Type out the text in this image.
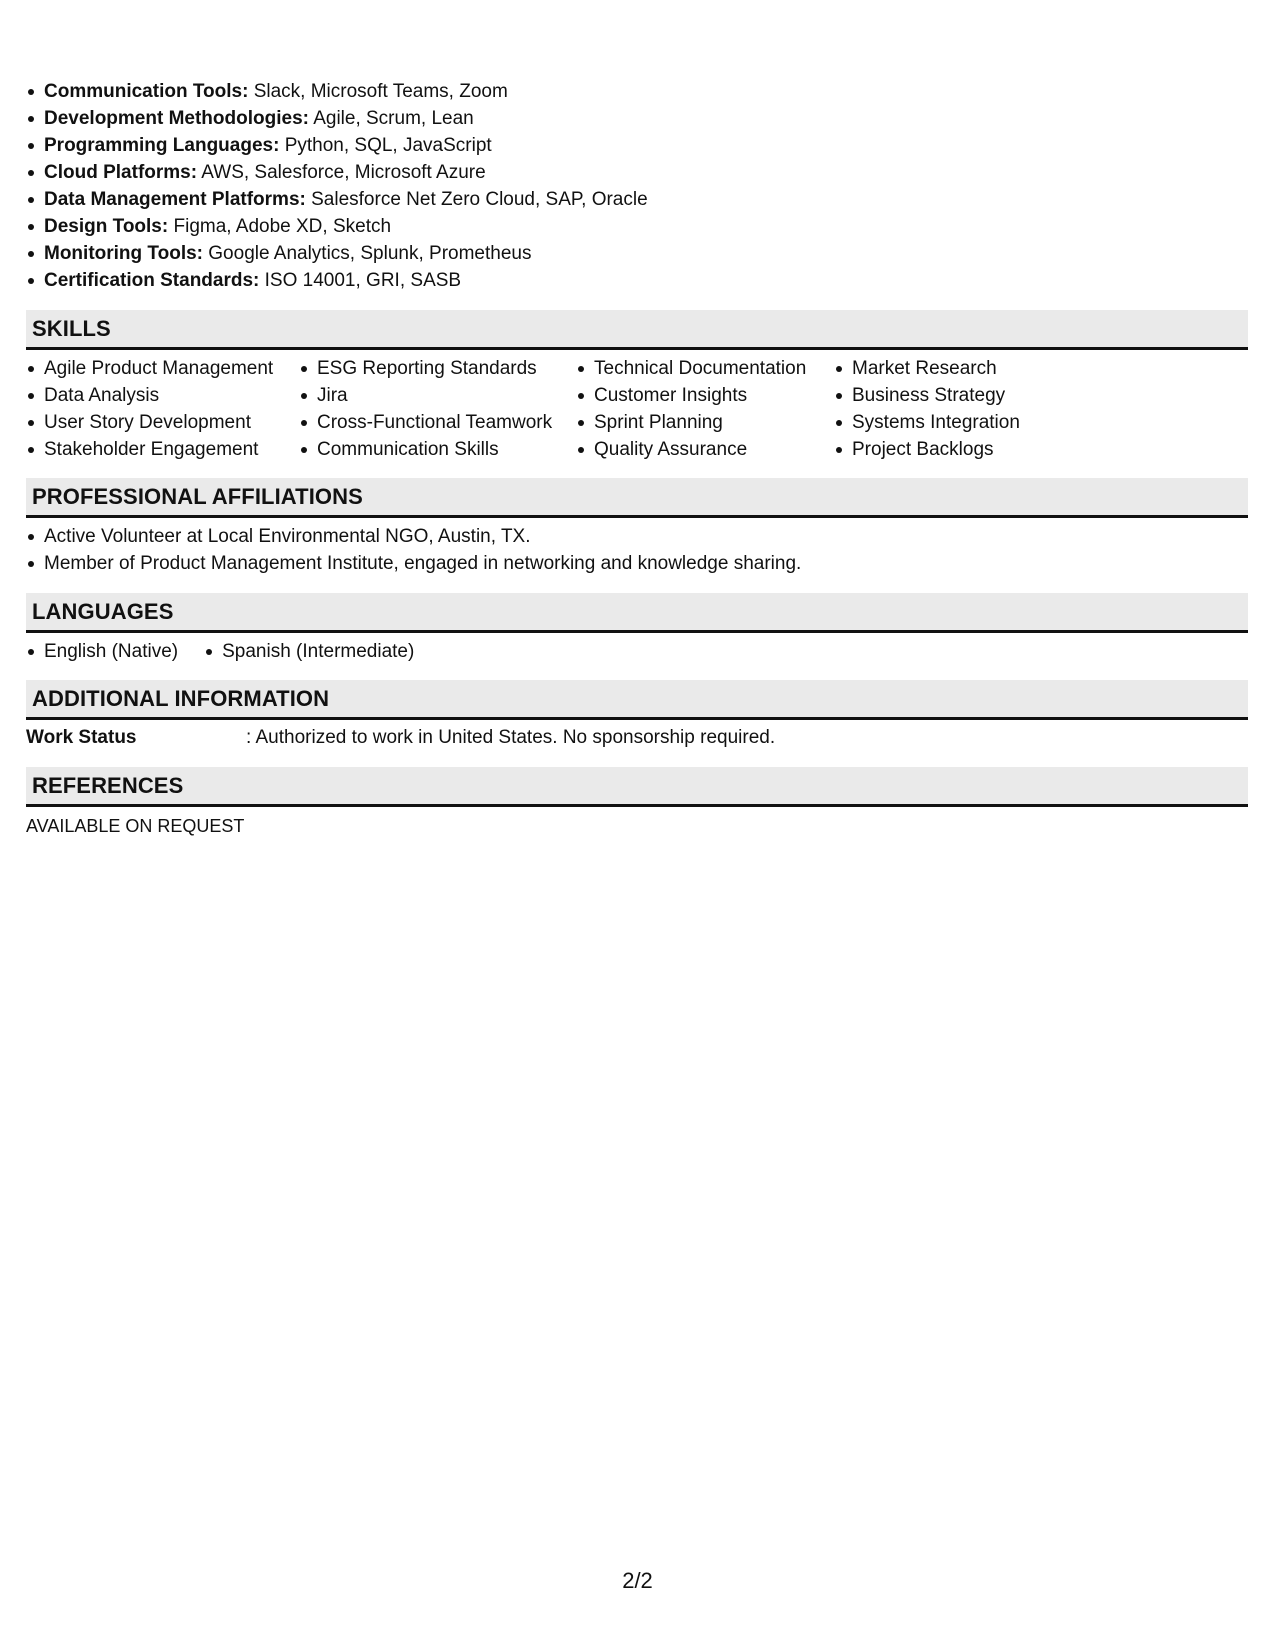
Communication Tools: Slack, Microsoft Teams, Zoom
Development Methodologies: Agile, Scrum, Lean
Programming Languages: Python, SQL, JavaScript
Cloud Platforms: AWS, Salesforce, Microsoft Azure
Data Management Platforms: Salesforce Net Zero Cloud, SAP, Oracle
Design Tools: Figma, Adobe XD, Sketch
Monitoring Tools: Google Analytics, Splunk, Prometheus
Certification Standards: ISO 14001, GRI, SASB
SKILLS
Agile Product Management
Data Analysis
User Story Development
Stakeholder Engagement
ESG Reporting Standards
Jira
Cross-Functional Teamwork
Communication Skills
Technical Documentation
Customer Insights
Sprint Planning
Quality Assurance
Market Research
Business Strategy
Systems Integration
Project Backlogs
PROFESSIONAL AFFILIATIONS
Active Volunteer at Local Environmental NGO, Austin, TX.
Member of Product Management Institute, engaged in networking and knowledge sharing.
LANGUAGES
English (Native)	Spanish (Intermediate)
ADDITIONAL INFORMATION
Work Status	: Authorized to work in United States. No sponsorship required.
REFERENCES
AVAILABLE ON REQUEST
2/2
